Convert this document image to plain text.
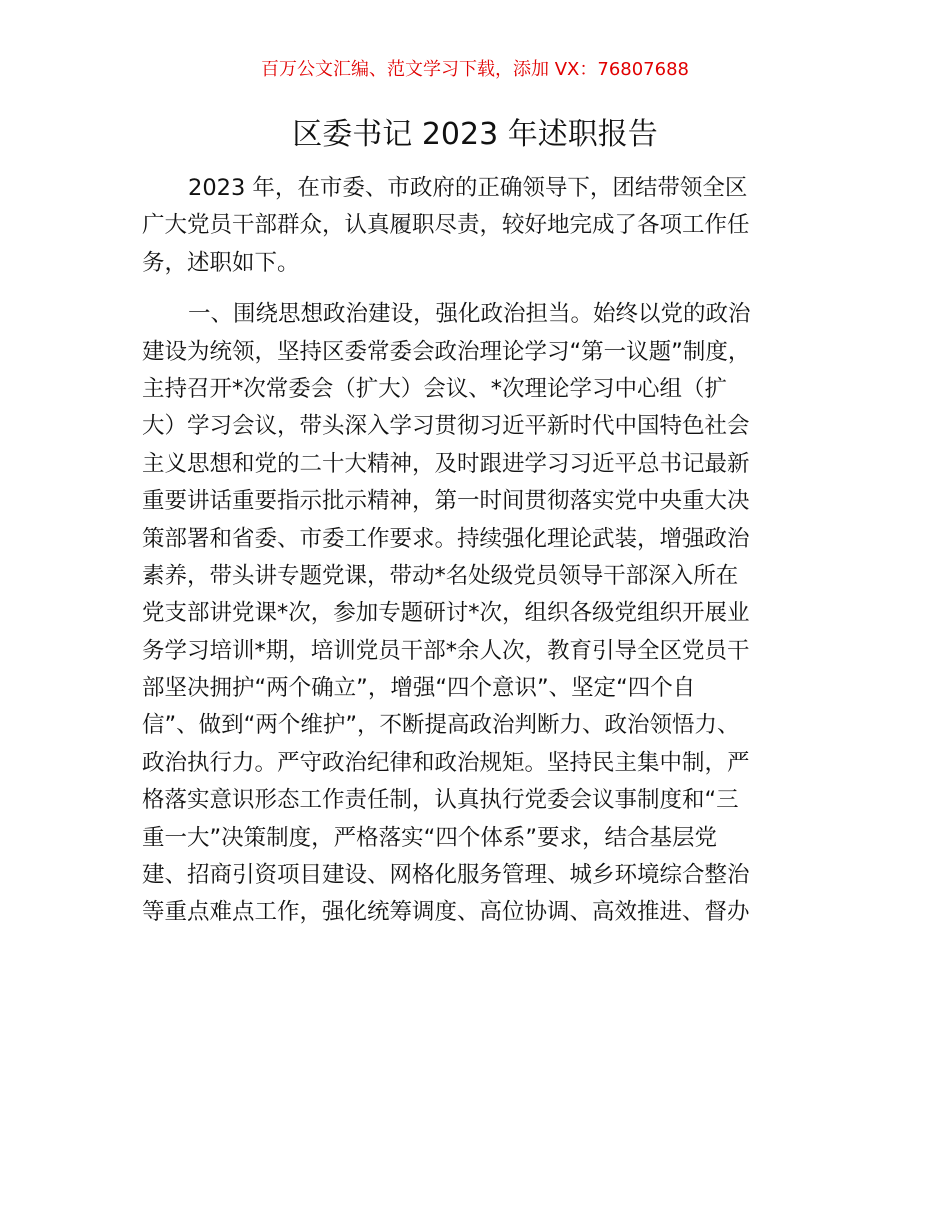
百万公文汇编、范文学习下载，添加 VX：76807688
区委书记 2023 年述职报告
2023 年，在市委、市政府的正确领导下，团结带领全区
广大党员干部群众，认真履职尽责，较好地完成了各项工作任
务，述职如下。
一、围绕思想政治建设，强化政治担当。始终以党的政治
建设为统领，坚持区委常委会政治理论学习“第一议题”制度，
主持召开*次常委会（扩大）会议、*次理论学习中心组（扩
大）学习会议，带头深入学习贯彻习近平新时代中国特色社会
主义思想和党的二十大精神，及时跟进学习习近平总书记最新
重要讲话重要指示批示精神，第一时间贯彻落实党中央重大决
策部署和省委、市委工作要求。持续强化理论武装，增强政治
素养，带头讲专题党课，带动*名处级党员领导干部深入所在
党支部讲党课*次，参加专题研讨*次，组织各级党组织开展业
务学习培训*期，培训党员干部*余人次，教育引导全区党员干
部坚决拥护“两个确立”，增强“四个意识”、坚定“四个自
信”、做到“两个维护”，不断提高政治判断力、政治领悟力、
政治执行力。严守政治纪律和政治规矩。坚持民主集中制，严
格落实意识形态工作责任制，认真执行党委会议事制度和“三
重一大”决策制度，严格落实“四个体系”要求，结合基层党
建、招商引资项目建设、网格化服务管理、城乡环境综合整治
等重点难点工作，强化统筹调度、高位协调、高效推进、督办
